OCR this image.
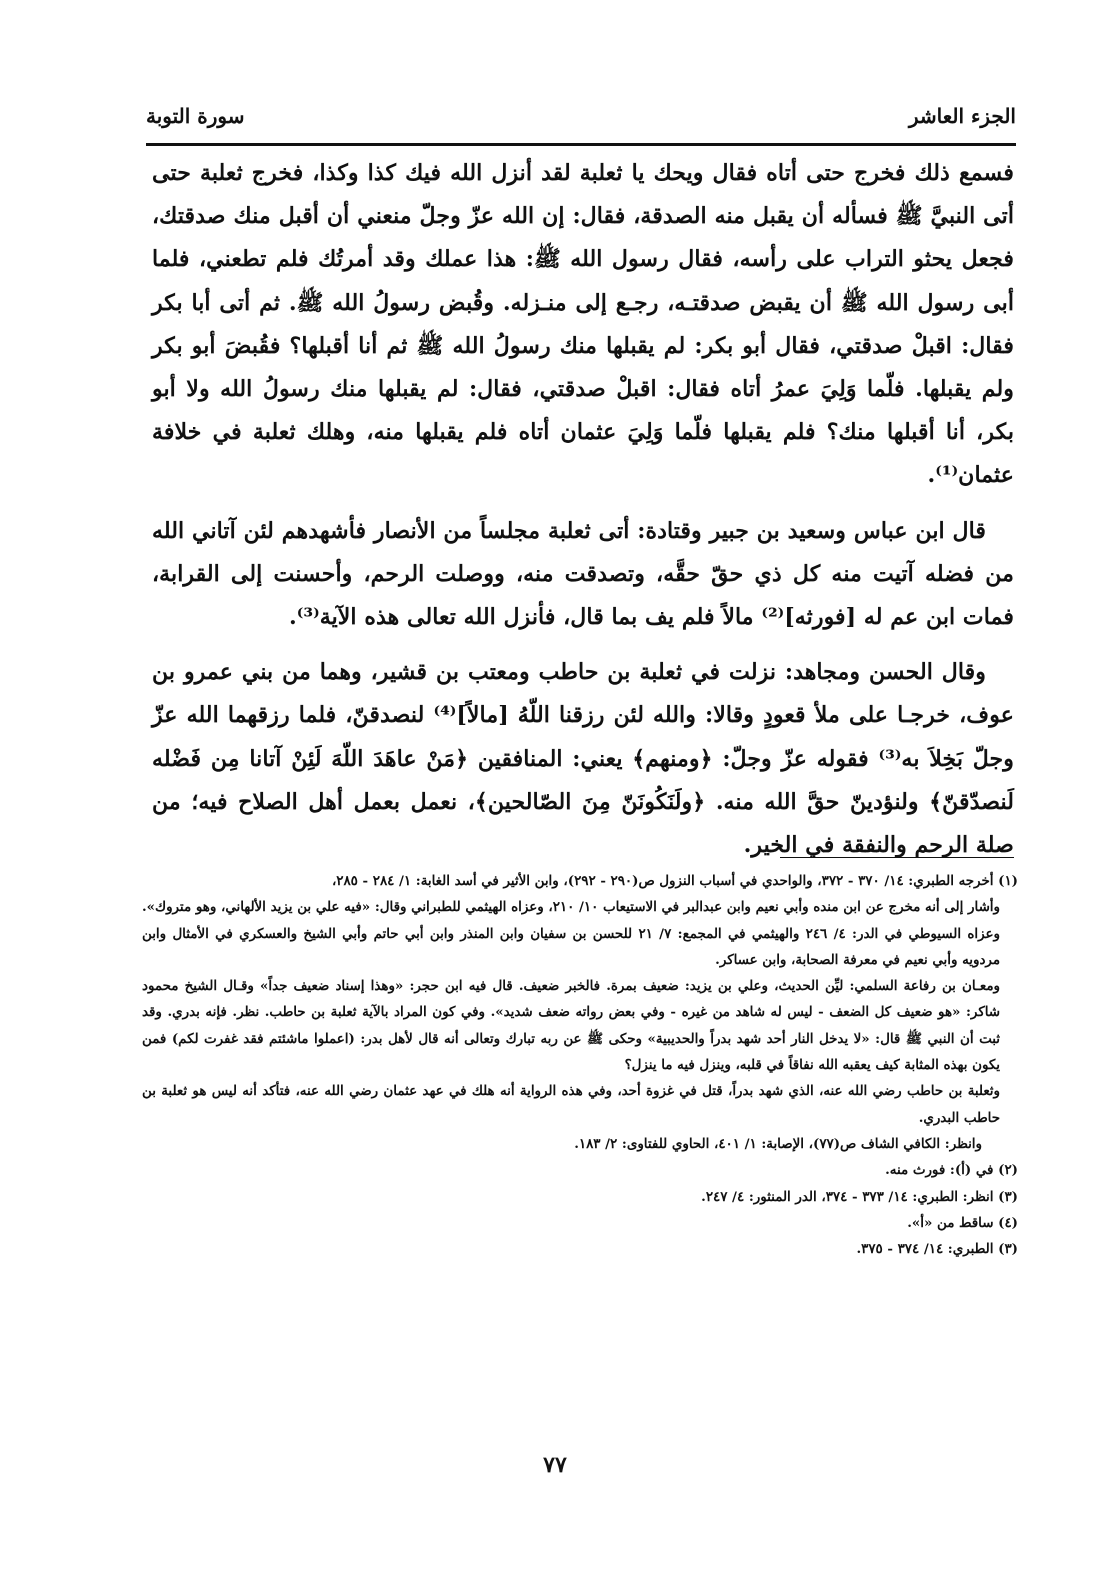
الجزء العاشر
سورة التوبة

فسمع ذلك فخرج حتى أتاه فقال ويحك يا ثعلبة لقد أنزل الله فيك كذا وكذا، فخرج ثعلبة حتى أتى النبيَّ ﷺ فسأله أن يقبل منه الصدقة، فقال: إن الله عزّ وجلّ منعني أن أقبل منك صدقتك، فجعل يحثو التراب على رأسه، فقال رسول الله ﷺ: هذا عملك وقد أمرتُك فلم تطعني، فلما أبى رسول الله ﷺ أن يقبض صدقتـه، رجـع إلى منـزله. وقُبض رسولُ الله ﷺ. ثم أتى أبا بكر فقال: اقبلْ صدقتي، فقال أبو بكر: لم يقبلها منك رسولُ الله ﷺ ثم أنا أقبلها؟ فقُبضَ أبو بكر ولم يقبلها. فلّما وَلِيَ عمرُ أتاه فقال: اقبلْ صدقتي، فقال: لم يقبلها منك رسولُ الله ولا أبو بكر، أنا أقبلها منك؟ فلم يقبلها فلّما وَلِيَ عثمان أتاه فلم يقبلها منه، وهلك ثعلبة في خلافة عثمان⁽¹⁾.

قال ابن عباس وسعيد بن جبير وقتادة: أتى ثعلبة مجلساً من الأنصار فأشهدهم لئن آتاني الله من فضله آتيت منه كل ذي حقّ حقَّه، وتصدقت منه، ووصلت الرحم، وأحسنت إلى القرابة، فمات ابن عم له [فورثه]⁽²⁾ مالاً فلم يف بما قال، فأنزل الله تعالى هذه الآية⁽³⁾.

وقال الحسن ومجاهد: نزلت في ثعلبة بن حاطب ومعتب بن قشير، وهما من بني عمرو بن عوف، خرجـا على ملأ قعودٍ وقالا: والله لئن رزقنا اللّهُ [مالاً]⁽⁴⁾ لنصدقنّ، فلما رزقهما الله عزّ وجلّ بَخِلاَ به⁽³⁾ فقوله عزّ وجلّ: ﴿ومنهم﴾ يعني: المنافقين ﴿مَنْ عاهَدَ اللّهَ لَئِنْ آتانا مِن فَضْله لَنصدّقنّ﴾ ولنؤدينّ حقَّ الله منه. ﴿ولَنَكُونَنّ مِنَ الصّالحين﴾، نعمل بعمل أهل الصلاح فيه؛ من صلة الرحم والنفقة في الخير.

(١) أخرجه الطبري: ١٤/ ٣٧٠ - ٣٧٢، والواحدي في أسباب النزول ص(٢٩٠ - ٢٩٢)، وابن الأثير في أسد الغابة: ١/ ٢٨٤ - ٢٨٥،

وأشار إلى أنه مخرج عن ابن منده وأبي نعيم وابن عبدالبر في الاستيعاب ١٠/ ٢١٠، وعزاه الهيثمي للطبراني وقال: «فيه علي بن يزيد الألهاني، وهو متروك». وعزاه السيوطي في الدر: ٤/ ٢٤٦ والهيثمي في المجمع: ٧/ ٢١ للحسن بن سفيان وابن المنذر وابن أبي حاتم وأبي الشيخ والعسكري في الأمثال وابن مردويه وأبي نعيم في معرفة الصحابة، وابن عساكر.

ومعـان بن رفاعة السلمي: ليِّن الحديث، وعلي بن يزيد: ضعيف بمرة. فالخبر ضعيف. قال فيه ابن حجر: «وهذا إسناد ضعيف جداً» وقـال الشيخ محمود شاكر: «هو ضعيف كل الضعف - ليس له شاهد من غيره - وفي بعض رواته ضعف شديد». وفي كون المراد بالآية ثعلبة بن حاطب. نظر. فإنه بدري. وقد ثبت أن النبي ﷺ قال: «لا يدخل النار أحد شهد بدراً والحديبية» وحكى ﷺ عن ربه تبارك وتعالى أنه قال لأهل بدر: (اعملوا ماشئتم فقد غفرت لكم) فمن يكون بهذه المثابة كيف يعقبه الله نفاقاً في قلبه، وينزل فيه ما ينزل؟

وثعلبة بن حاطب رضي الله عنه، الذي شهد بدراً، قتل في غزوة أحد، وفي هذه الرواية أنه هلك في عهد عثمان رضي الله عنه، فتأكد أنه ليس هو ثعلبة بن حاطب البدري.

وانظر: الكافي الشاف ص(٧٧)، الإصابة: ١/ ٤٠١، الحاوي للفتاوى: ٢/ ١٨٣.

(٢) في (أ): فورث منه.

(٣) انظر: الطبري: ١٤/ ٣٧٣ - ٣٧٤، الدر المنثور: ٤/ ٢٤٧.

(٤) ساقط من «أ».

(٣) الطبري: ١٤/ ٣٧٤ - ٣٧٥.

٧٧
